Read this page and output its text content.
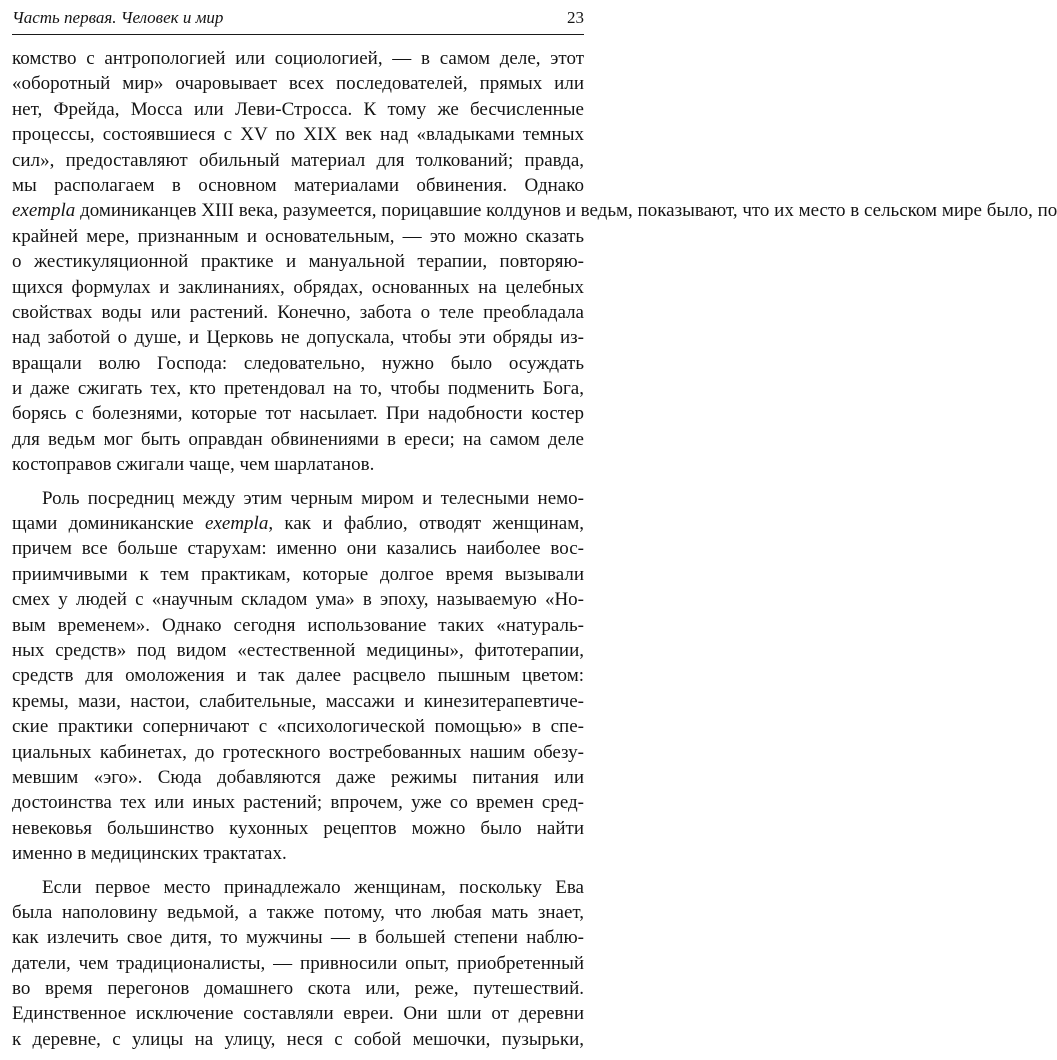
Часть первая. Человек и мир	23
комство с антропологией или социологией, — в самом деле, этот
«оборотный мир» очаровывает всех последователей, прямых или
нет, Фрейда, Мосса или Леви-Стросса. К тому же бесчисленные
процессы, состоявшиеся с XV по XIX век над «владыками темных
сил», предоставляют обильный материал для толкований; правда,
мы располагаем в основном материалами обвинения. Однако
exempla доминиканцев XIII века, разумеется, порицавшие колдунов и ведьм, показывают, что их место в сельском мире было, по
крайней мере, признанным и основательным, — это можно сказать
о жестикуляционной практике и мануальной терапии, повторяю-
щихся формулах и заклинаниях, обрядах, основанных на целебных
свойствах воды или растений. Конечно, забота о теле преобладала
над заботой о душе, и Церковь не допускала, чтобы эти обряды из-
вращали волю Господа: следовательно, нужно было осуждать
и даже сжигать тех, кто претендовал на то, чтобы подменить Бога,
борясь с болезнями, которые тот насылает. При надобности костер
для ведьм мог быть оправдан обвинениями в ереси; на самом деле
костоправов сжигали чаще, чем шарлатанов.
Роль посредниц между этим черным миром и телесными немо-
щами доминиканские exempla, как и фаблио, отводят женщинам,
причем все больше старухам: именно они казались наиболее вос-
приимчивыми к тем практикам, которые долгое время вызывали
смех у людей с «научным складом ума» в эпоху, называемую «Но-
вым временем». Однако сегодня использование таких «натураль-
ных средств» под видом «естественной медицины», фитотерапии,
средств для омоложения и так далее расцвело пышным цветом:
кремы, мази, настои, слабительные, массажи и кинезитерапевтиче-
ские практики соперничают с «психологической помощью» в спе-
циальных кабинетах, до гротескного востребованных нашим обезу-
мевшим «эго». Сюда добавляются даже режимы питания или
достоинства тех или иных растений; впрочем, уже со времен сред-
невековья большинство кухонных рецептов можно было найти
именно в медицинских трактатах.
Если первое место принадлежало женщинам, поскольку Ева
была наполовину ведьмой, а также потому, что любая мать знает,
как излечить свое дитя, то мужчины — в большей степени наблю-
датели, чем традиционалисты, — привносили опыт, приобретенный
во время перегонов домашнего скота или, реже, путешествий.
Единственное исключение составляли евреи. Они шли от деревни
к деревне, с улицы на улицу, неся с собой мешочки, пузырьки,
